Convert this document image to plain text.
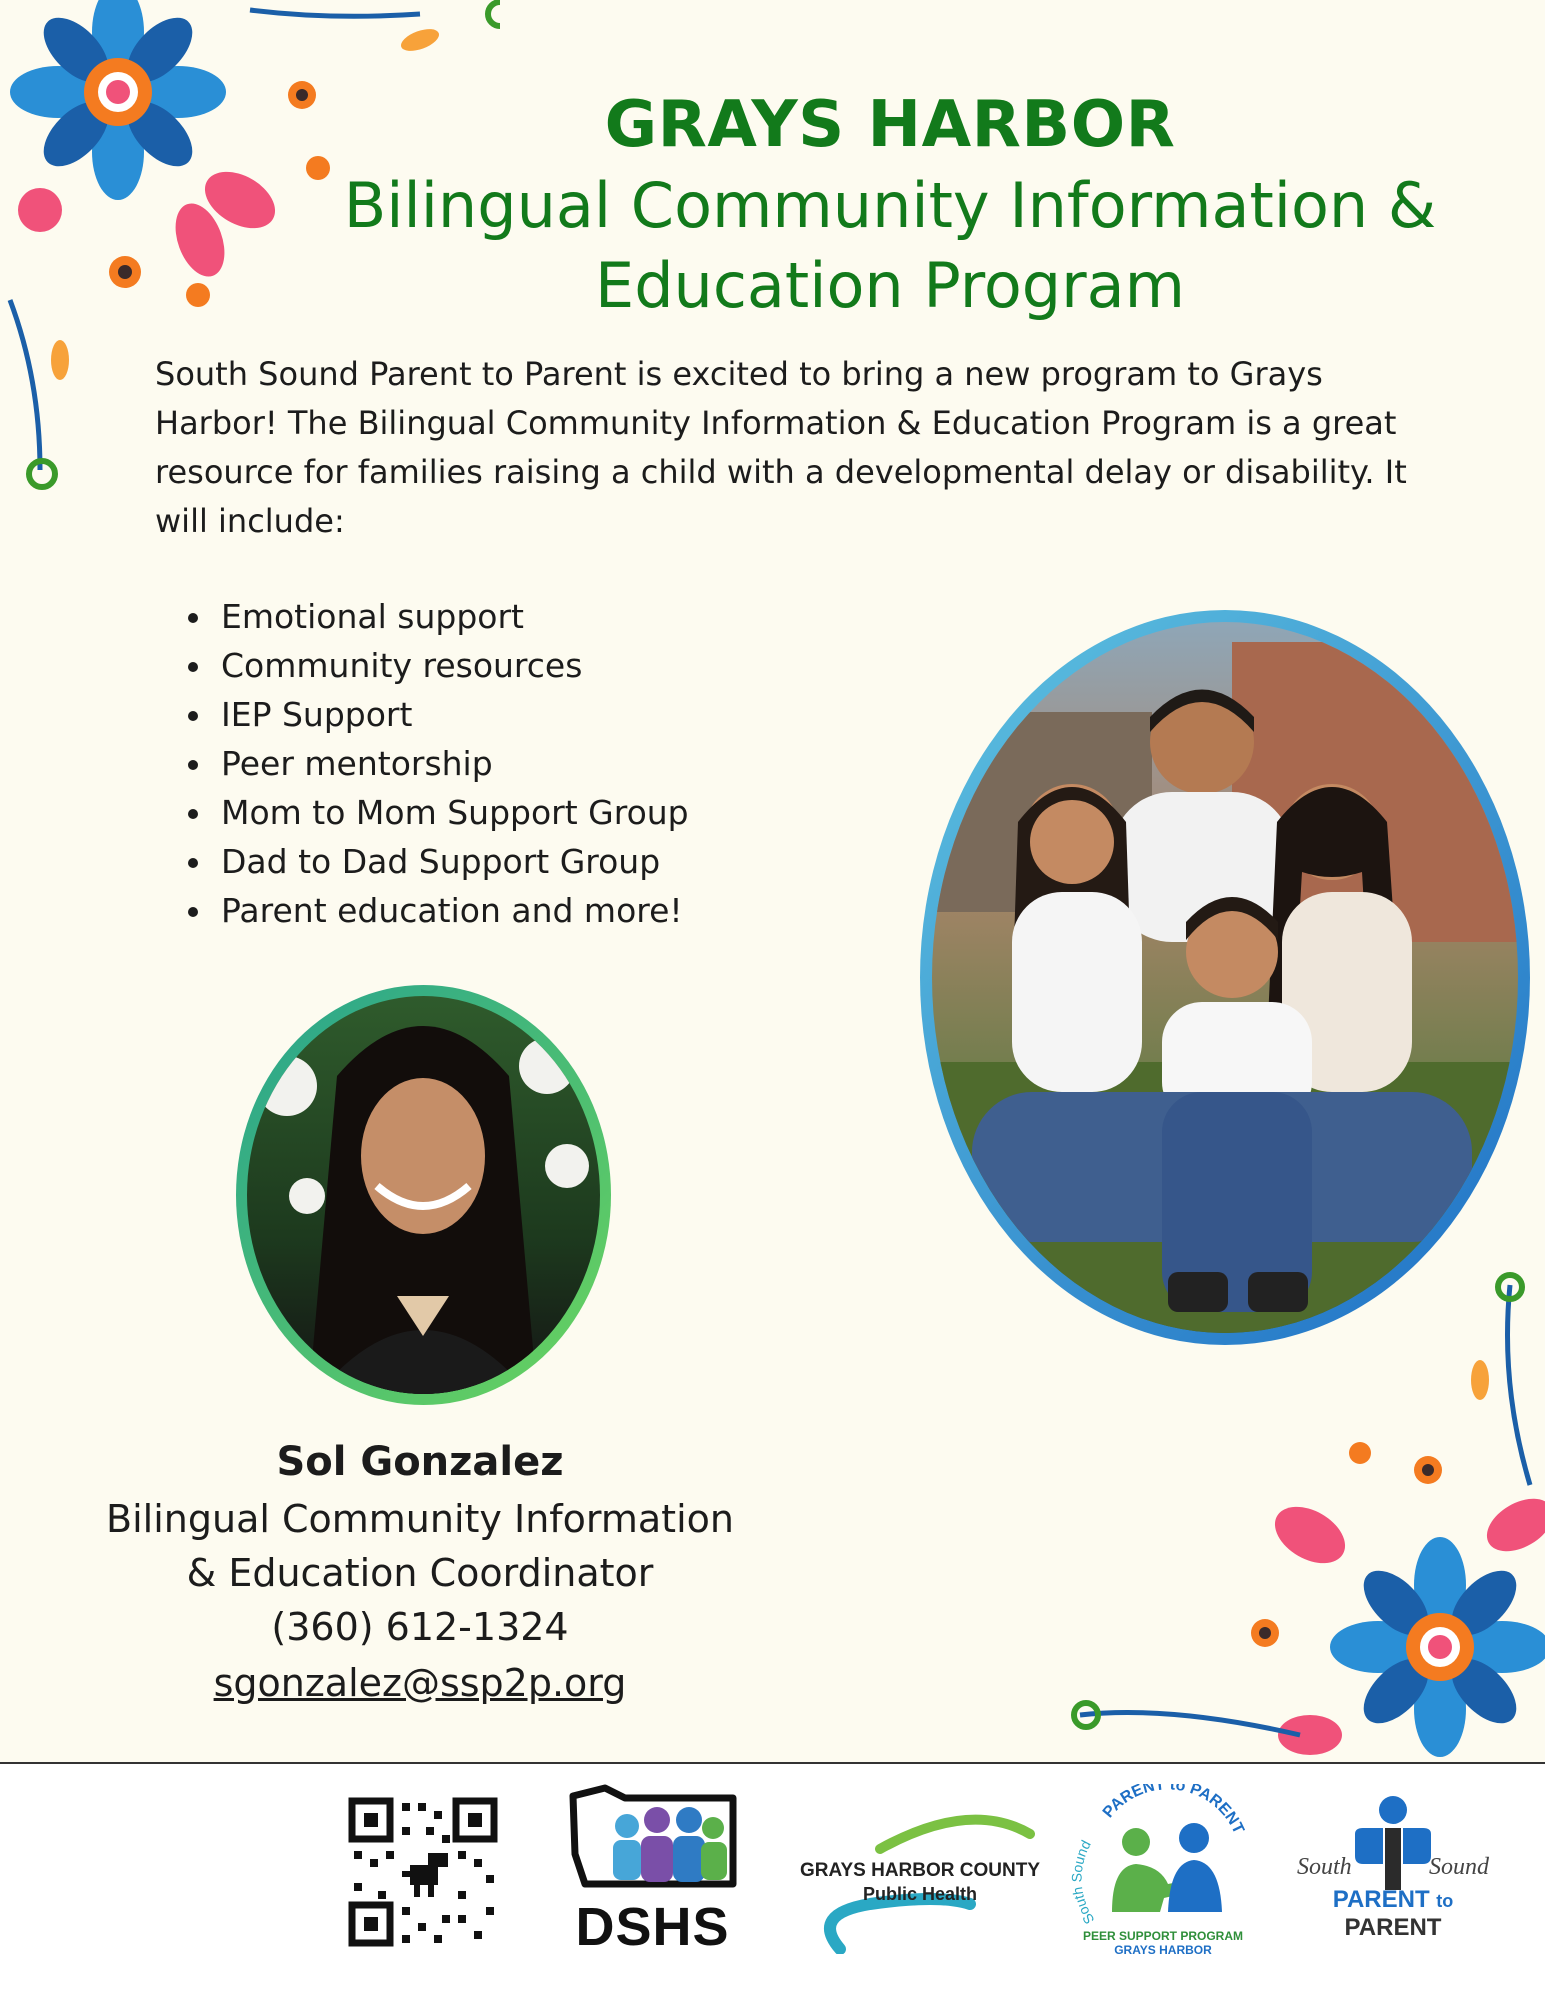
GRAYS HARBOR
Bilingual Community Information &
Education Program

South Sound Parent to Parent is excited to bring a new program to Grays Harbor! The Bilingual Community Information & Education Program is a great resource for families raising a child with a developmental delay or disability. It will include:

• Emotional support
• Community resources
• IEP Support
• Peer mentorship
• Mom to Mom Support Group
• Dad to Dad Support Group
• Parent education and more!
Sol Gonzalez
Bilingual Community Information
& Education Coordinator
(360) 612-1324
sgonzalez@ssp2p.org
DSHS
GRAYS HARBOR COUNTY
Public Health
PARENT to PARENT
South Sound
PEER SUPPORT PROGRAM
GRAYS HARBOR
South	Sound
PARENT to PARENT
